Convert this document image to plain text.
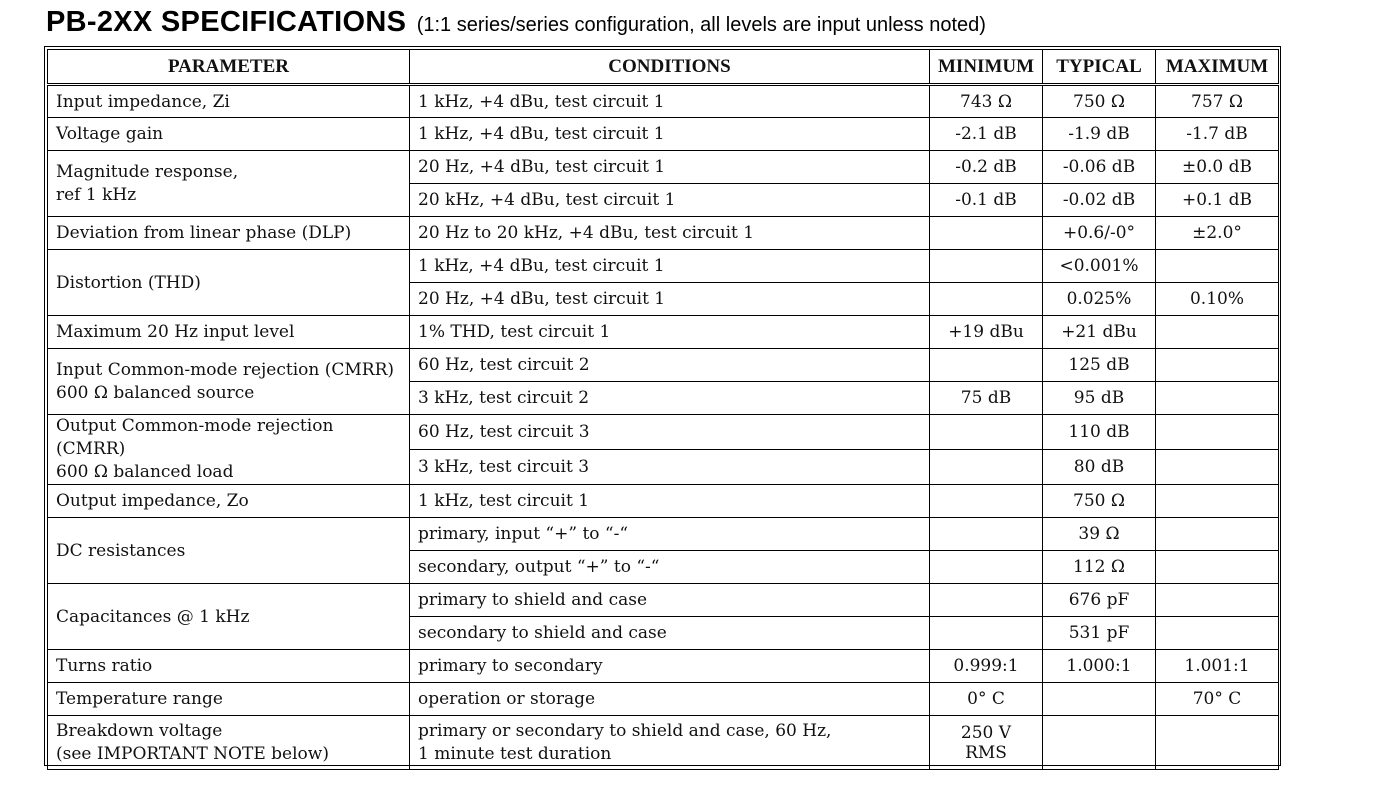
PB-2XX SPECIFICATIONS (1:1 series/series configuration, all levels are input unless noted)
PARAMETER	CONDITIONS	MINIMUM	TYPICAL	MAXIMUM
Input impedance, Zi	1 kHz, +4 dBu, test circuit 1	743 Ω	750 Ω	757 Ω
Voltage gain	1 kHz, +4 dBu, test circuit 1	-2.1 dB	-1.9 dB	-1.7 dB
Magnitude response,
ref 1 kHz	20 Hz, +4 dBu, test circuit 1	-0.2 dB	-0.06 dB	±0.0 dB
	20 kHz, +4 dBu, test circuit 1	-0.1 dB	-0.02 dB	+0.1 dB
Deviation from linear phase (DLP)	20 Hz to 20 kHz, +4 dBu, test circuit 1		+0.6/-0°	±2.0°
Distortion (THD)	1 kHz, +4 dBu, test circuit 1		<0.001%	
	20 Hz, +4 dBu, test circuit 1		0.025%	0.10%
Maximum 20 Hz input level	1% THD, test circuit 1	+19 dBu	+21 dBu	
Input Common-mode rejection (CMRR)
600 Ω balanced source	60 Hz, test circuit 2		125 dB	
	3 kHz, test circuit 2	75 dB	95 dB	
Output Common-mode rejection (CMRR)
600 Ω balanced load	60 Hz, test circuit 3		110 dB	
	3 kHz, test circuit 3		80 dB	
Output impedance, Zo	1 kHz, test circuit 1		750 Ω	
DC resistances	primary, input “+” to “-“		39 Ω	
	secondary, output “+” to “-“		112 Ω	
Capacitances @ 1 kHz	primary to shield and case		676 pF	
	secondary to shield and case		531 pF	
Turns ratio	primary to secondary	0.999:1	1.000:1	1.001:1
Temperature range	operation or storage	0° C		70° C
Breakdown voltage
(see IMPORTANT NOTE below)	primary or secondary to shield and case, 60 Hz,
1 minute test duration	250 V RMS		
